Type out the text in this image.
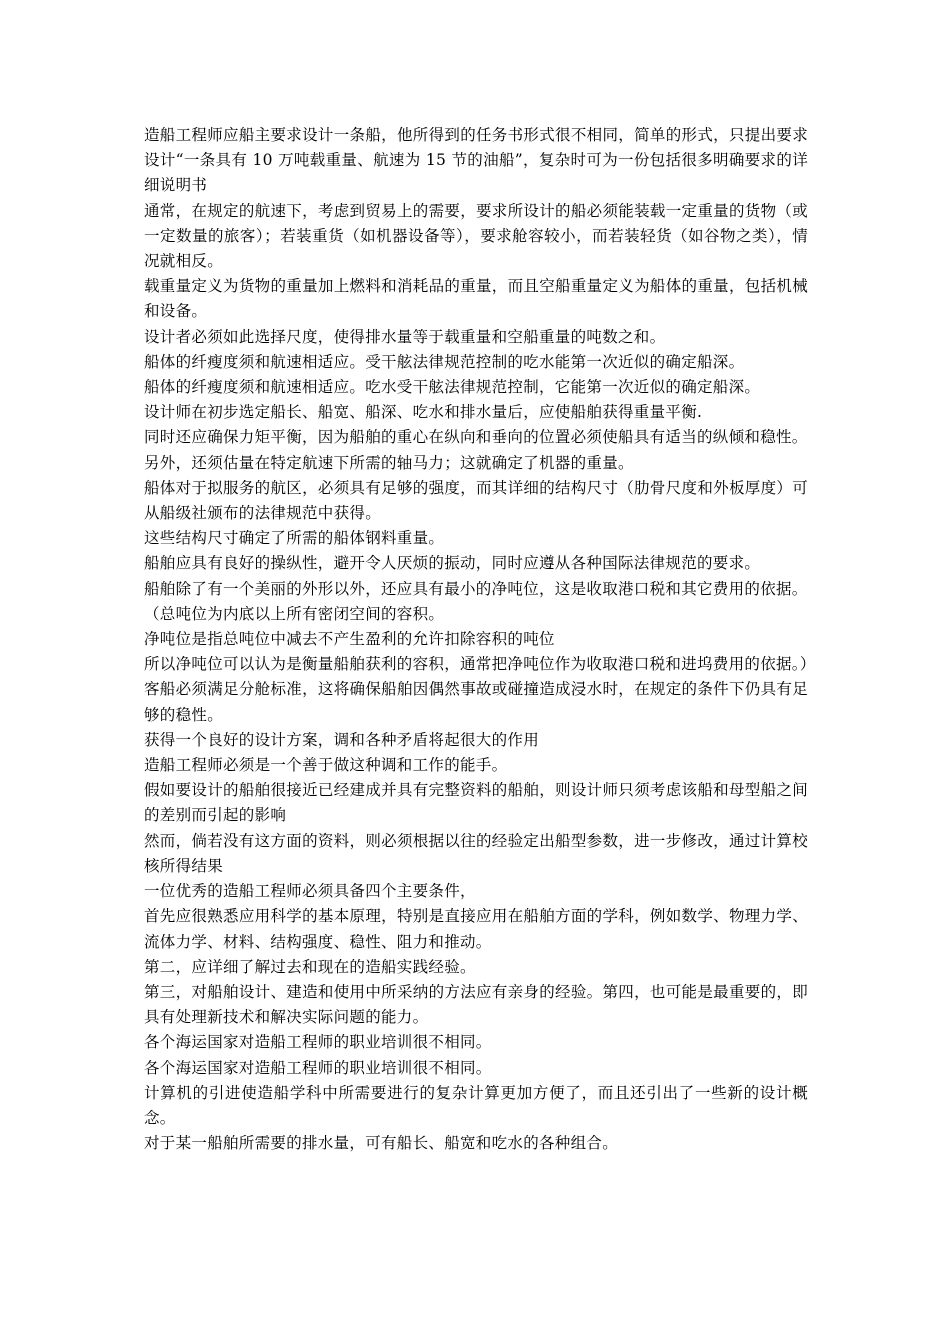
造船工程师应船主要求设计一条船，他所得到的任务书形式很不相同，简单的形式，只提出要求设计“一条具有 10 万吨载重量、航速为 15 节的油船”，复杂时可为一份包括很多明确要求的详细说明书

通常，在规定的航速下，考虑到贸易上的需要，要求所设计的船必须能装载一定重量的货物（或一定数量的旅客）；若装重货（如机器设备等），要求舱容较小，而若装轻货（如谷物之类），情况就相反。

载重量定义为货物的重量加上燃料和消耗品的重量，而且空船重量定义为船体的重量，包括机械和设备。

设计者必须如此选择尺度，使得排水量等于载重量和空船重量的吨数之和。

船体的纤瘦度须和航速相适应。受干舷法律规范控制的吃水能第一次近似的确定船深。

船体的纤瘦度须和航速相适应。吃水受干舷法律规范控制，它能第一次近似的确定船深。

设计师在初步选定船长、船宽、船深、吃水和排水量后，应使船舶获得重量平衡.

同时还应确保力矩平衡，因为船舶的重心在纵向和垂向的位置必须使船具有适当的纵倾和稳性。

另外，还须估量在特定航速下所需的轴马力；这就确定了机器的重量。

船体对于拟服务的航区，必须具有足够的强度，而其详细的结构尺寸（肋骨尺度和外板厚度）可从船级社颁布的法律规范中获得。

这些结构尺寸确定了所需的船体钢料重量。

船舶应具有良好的操纵性，避开令人厌烦的振动，同时应遵从各种国际法律规范的要求。

船舶除了有一个美丽的外形以外，还应具有最小的净吨位，这是收取港口税和其它费用的依据。

（总吨位为内底以上所有密闭空间的容积。

净吨位是指总吨位中减去不产生盈利的允许扣除容积的吨位

所以净吨位可以认为是衡量船舶获利的容积，通常把净吨位作为收取港口税和进坞费用的依据。）

客船必须满足分舱标准，这将确保船舶因偶然事故或碰撞造成浸水时，在规定的条件下仍具有足够的稳性。

获得一个良好的设计方案，调和各种矛盾将起很大的作用

造船工程师必须是一个善于做这种调和工作的能手。

假如要设计的船舶很接近已经建成并具有完整资料的船舶，则设计师只须考虑该船和母型船之间的差别而引起的影响

然而，倘若没有这方面的资料，则必须根据以往的经验定出船型参数，进一步修改，通过计算校核所得结果

一位优秀的造船工程师必须具备四个主要条件，

首先应很熟悉应用科学的基本原理，特别是直接应用在船舶方面的学科，例如数学、物理力学、流体力学、材料、结构强度、稳性、阻力和推动。

第二，应详细了解过去和现在的造船实践经验。

第三，对船舶设计、建造和使用中所采纳的方法应有亲身的经验。第四，也可能是最重要的，即具有处理新技术和解决实际问题的能力。

各个海运国家对造船工程师的职业培训很不相同。

各个海运国家对造船工程师的职业培训很不相同。

计算机的引进使造船学科中所需要进行的复杂计算更加方便了，而且还引出了一些新的设计概念。

对于某一船舶所需要的排水量，可有船长、船宽和吃水的各种组合。
